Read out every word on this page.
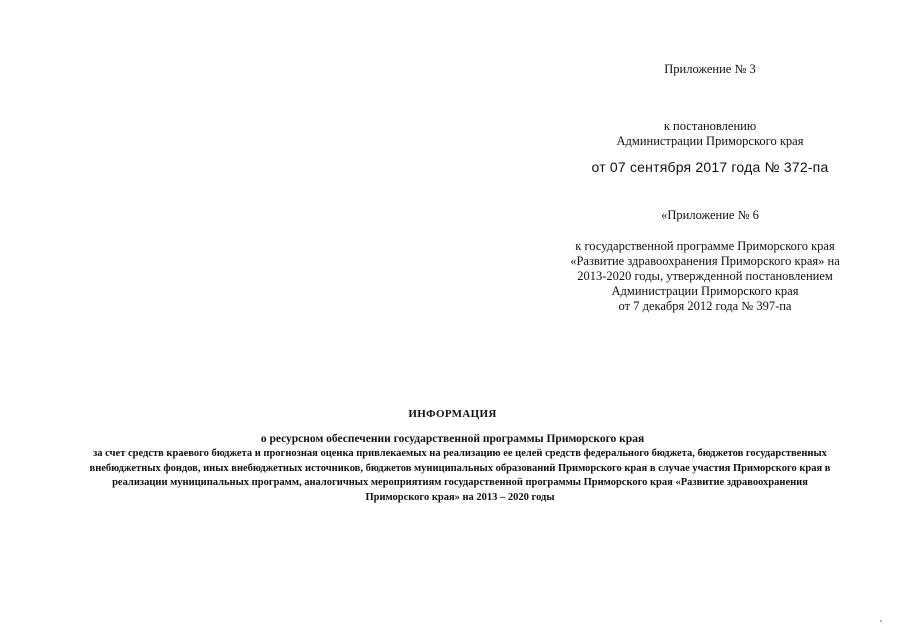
Приложение № 3
к постановлению
Администрации Приморского края
от 07 сентября 2017 года № 372-па
«Приложение № 6
к государственной программе Приморского края
«Развитие здравоохранения Приморского края» на
2013-2020 годы, утвержденной постановлением
Администрации Приморского края
от 7 декабря 2012 года № 397-па
ИНФОРМАЦИЯ
о ресурсном обеспечении государственной программы Приморского края
за счет средств краевого бюджета и прогнозная оценка привлекаемых на реализацию ее целей средств федерального бюджета, бюджетов государственных
внебюджетных фондов, иных внебюджетных источников, бюджетов муниципальных образований Приморского края в случае участия Приморского края в
реализации муниципальных программ, аналогичных мероприятиям государственной программы Приморского края «Развитие здравоохранения
Приморского края» на 2013 – 2020 годы
